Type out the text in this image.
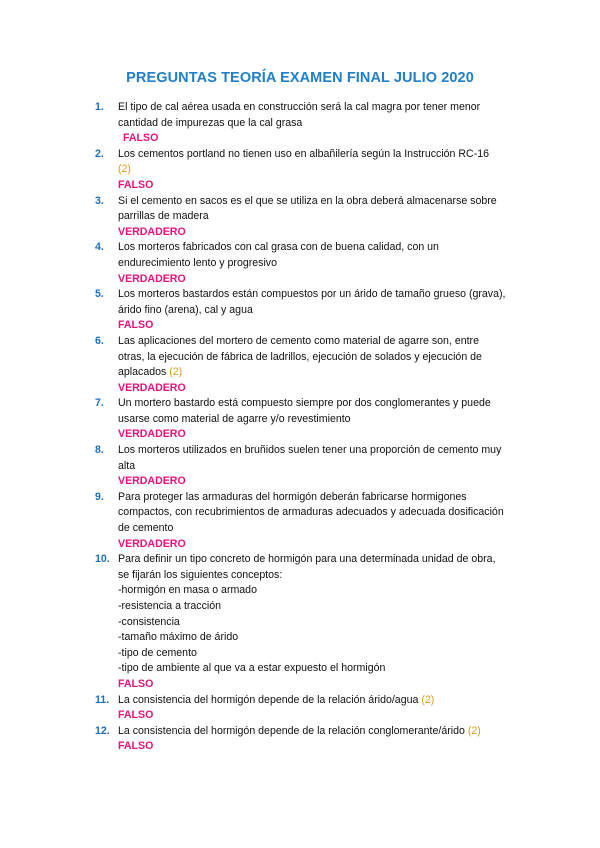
PREGUNTAS TEORÍA EXAMEN FINAL JULIO 2020
1. El tipo de cal aérea usada en construcción será la cal magra por tener menor cantidad de impurezas que la cal grasa
FALSO
2. Los cementos portland no tienen uso en albañilería según la Instrucción RC-16
(2)
FALSO
3. Si el cemento en sacos es el que se utiliza en la obra deberá almacenarse sobre parrillas de madera
VERDADERO
4. Los morteros fabricados con cal grasa con de buena calidad, con un endurecimiento lento y progresivo
VERDADERO
5. Los morteros bastardos están compuestos por un árido de tamaño grueso (grava), árido fino (arena), cal y agua
FALSO
6. Las aplicaciones del mortero de cemento como material de agarre son, entre otras, la ejecución de fábrica de ladrillos, ejecución de solados y ejecución de aplacados (2)
VERDADERO
7. Un mortero bastardo está compuesto siempre por dos conglomerantes y puede usarse como material de agarre y/o revestimiento
VERDADERO
8. Los morteros utilizados en bruñidos suelen tener una proporción de cemento muy alta
VERDADERO
9. Para proteger las armaduras del hormigón deberán fabricarse hormigones compactos, con recubrimientos de armaduras adecuados y adecuada dosificación de cemento
VERDADERO
10. Para definir un tipo concreto de hormigón para una determinada unidad de obra, se fijarán los siguientes conceptos:
-hormigón en masa o armado
-resistencia a tracción
-consistencia
-tamaño máximo de árido
-tipo de cemento
-tipo de ambiente al que va a estar expuesto el hormigón
FALSO
11. La consistencia del hormigón depende de la relación árido/agua (2)
FALSO
12. La consistencia del hormigón depende de la relación conglomerante/árido (2)
FALSO
